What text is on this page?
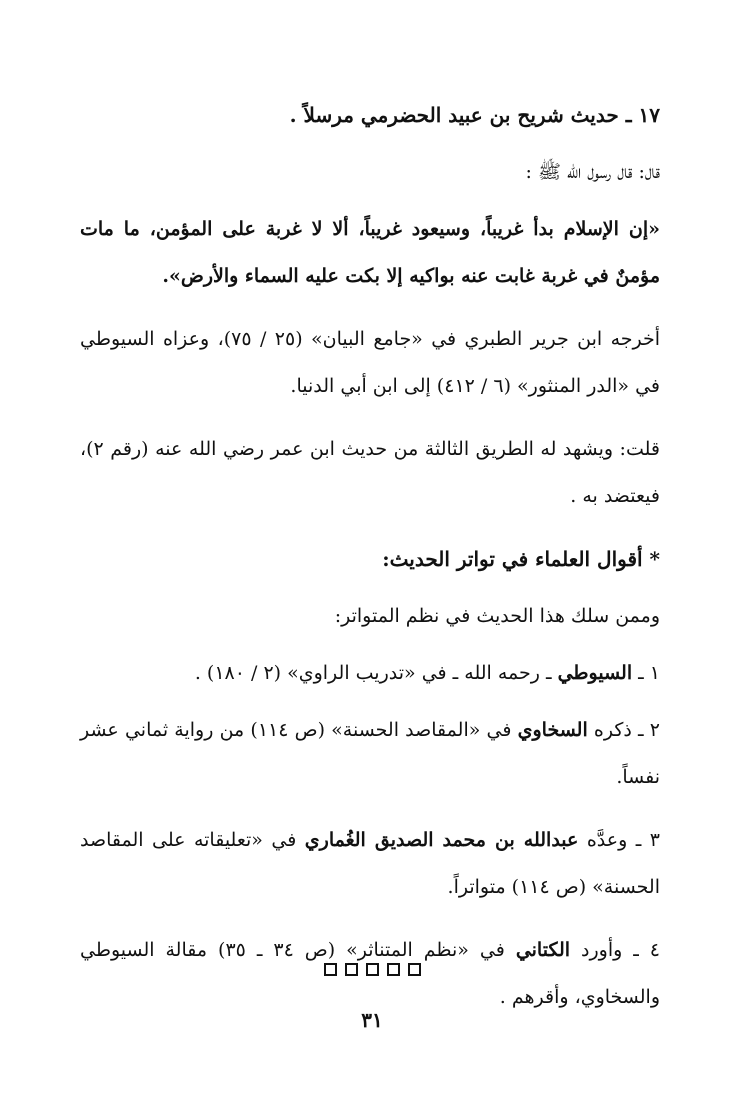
١٧ ـ حديث شريح بن عبيد الحضرمي مرسلاً .

قال: قال رسول الله ﷺ :

«إن الإسلام بدأ غريباً، وسيعود غريباً، ألا لا غربة على المؤمن، ما مات مؤمنٌ في غربة غابت عنه بواكيه إلا بكت عليه السماء والأرض».

أخرجه ابن جرير الطبري في «جامع البيان» (٢٥ / ٧٥)، وعزاه السيوطي في «الدر المنثور» (٦ / ٤١٢) إلى ابن أبي الدنيا.

قلت: ويشهد له الطريق الثالثة من حديث ابن عمر رضي الله عنه (رقم ٢)، فيعتضد به .

* أقوال العلماء في تواتر الحديث:

وممن سلك هذا الحديث في نظم المتواتر:

١ ـ السيوطي ـ رحمه الله ـ في «تدريب الراوي» (٢ / ١٨٠) .

٢ ـ ذكره السخاوي في «المقاصد الحسنة» (ص ١١٤) من رواية ثماني عشر نفساً.

٣ ـ وعدَّه عبدالله بن محمد الصديق الغُماري في «تعليقاته على المقاصد الحسنة» (ص ١١٤) متواتراً.

٤ ـ وأورد الكتاني في «نظم المتناثر» (ص ٣٤ ـ ٣٥) مقالة السيوطي والسخاوي، وأقرهم .

٣١
